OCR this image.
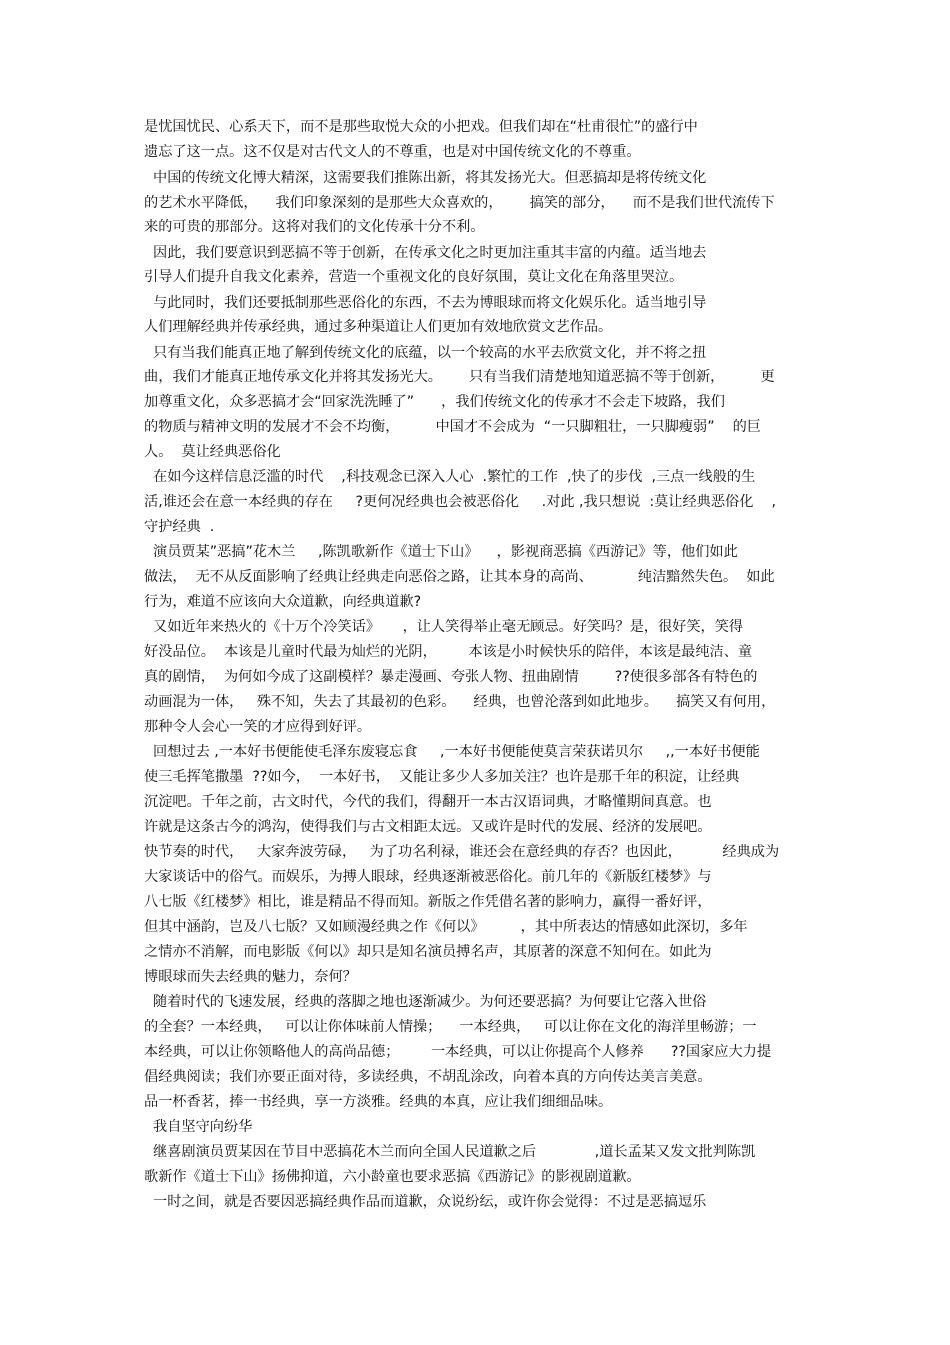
是忧国忧民、心系天下，而不是那些取悦大众的小把戏。但我们却在“杜甫很忙”的盛行中
遗忘了这一点。这不仅是对古代文人的不尊重，也是对中国传统文化的不尊重。
中国的传统文化博大精深，这需要我们推陈出新，将其发扬光大。但恶搞却是将传统文化
的艺术水平降低，    我们印象深刻的是那些大众喜欢的，      搞笑的部分，    而不是我们世代流传下
来的可贵的那部分。这将对我们的文化传承十分不利。
因此，我们要意识到恶搞不等于创新，在传承文化之时更加注重其丰富的内蕴。适当地去
引导人们提升自我文化素养，营造一个重视文化的良好氛围，莫让文化在角落里哭泣。
与此同时，我们还要抵制那些恶俗化的东西，不去为博眼球而将文化娱乐化。适当地引导
人们理解经典并传承经典，通过多种渠道让人们更加有效地欣赏文艺作品。
只有当我们能真正地了解到传统文化的底蕴，以一个较高的水平去欣赏文化，并不将之扭
曲，我们才能真正地传承文化并将其发扬光大。      只有当我们清楚地知道恶搞不等于创新，        更
加尊重文化，众多恶搞才会“回家洗洗睡了”      ，我们传统文化的传承才不会走下坡路，我们
的物质与精神文明的发展才不会不均衡，        中国才不会成为  “一只脚粗壮，一只脚瘦弱”    的巨
人。  莫让经典恶俗化
在如今这样信息泛滥的时代    ,科技观念已深入人心  .繁忙的工作  ,快了的步伐  ,三点一线般的生
活,谁还会在意一本经典的存在     ?更何况经典也会被恶俗化     .对此 ,我只想说  :莫让经典恶俗化    ,
守护经典  .
演员贾某”恶搞”花木兰     ,陈凯歌新作《道士下山》    ，影视商恶搞《西游记》等，他们如此
做法，  无不从反面影响了经典让经典走向恶俗之路，让其本身的高尚、          纯洁黯然失色。  如此
行为，难道不应该向大众道歉，向经典道歉?
又如近年来热火的《十万个冷笑话》     ，让人笑得举止毫无顾忌。好笑吗？是，很好笑，笑得
好没品位。  本该是儿童时代最为灿烂的光阴，       本该是小时候快乐的陪伴，本该是最纯洁、童
真的剧情，  为何如今成了这副模样？暴走漫画、夸张人物、扭曲剧情        ??使很多部各有特色的
动画混为一体，   殊不知，失去了其最初的色彩。    经典，也曾沦落到如此地步。    搞笑又有何用，
那种令人会心一笑的才应得到好评。
回想过去 ,一本好书便能使毛泽东废寝忘食     ,一本好书便能使莫言荣获诺贝尔     ,,一本好书便能
使三毛挥笔撒墨  ??如今，  一本好书，  又能让多少人多加关注？也许是那千年的积淀，让经典
沉淀吧。千年之前，古文时代，今代的我们，得翻开一本古汉语词典，才略懂期间真意。也
许就是这条古今的鸿沟，使得我们与古文相距太远。又或许是时代的发展、经济的发展吧。
快节奏的时代，   大家奔波劳碌，   为了功名利禄，谁还会在意经典的存否？也因此，         经典成为
大家谈话中的俗气。而娱乐，为搏人眼球，经典逐渐被恶俗化。前几年的《新版红楼梦》与
八七版《红楼梦》相比，谁是精品不得而知。新版之作凭借名著的影响力，赢得一番好评，
但其中涵韵，岂及八七版？又如顾漫经典之作《何以》        ，其中所表达的情感如此深切，多年
之情亦不消解，而电影版《何以》却只是知名演员搏名声，其原著的深意不知何在。如此为
博眼球而失去经典的魅力，奈何？
随着时代的飞速发展，经典的落脚之地也逐渐减少。为何还要恶搞？为何要让它落入世俗
的全套？一本经典，   可以让你体味前人情操；    一本经典，   可以让你在文化的海洋里畅游；一
本经典，可以让你领略他人的高尚品德；       一本经典，可以让你提高个人修养      ??国家应大力提
倡经典阅读；我们亦要正面对待，多读经典，不胡乱涂改，向着本真的方向传达美言美意。
品一杯香茗，捧一书经典，享一方淡雅。经典的本真，应让我们细细品味。
我自坚守向纷华
继喜剧演员贾某因在节目中恶搞花木兰而向全国人民道歉之后             ,道长孟某又发文批判陈凯
歌新作《道士下山》扬佛抑道，六小龄童也要求恶搞《西游记》的影视剧道歉。
一时之间，就是否要因恶搞经典作品而道歉，众说纷纭，或许你会觉得：不过是恶搞逗乐
